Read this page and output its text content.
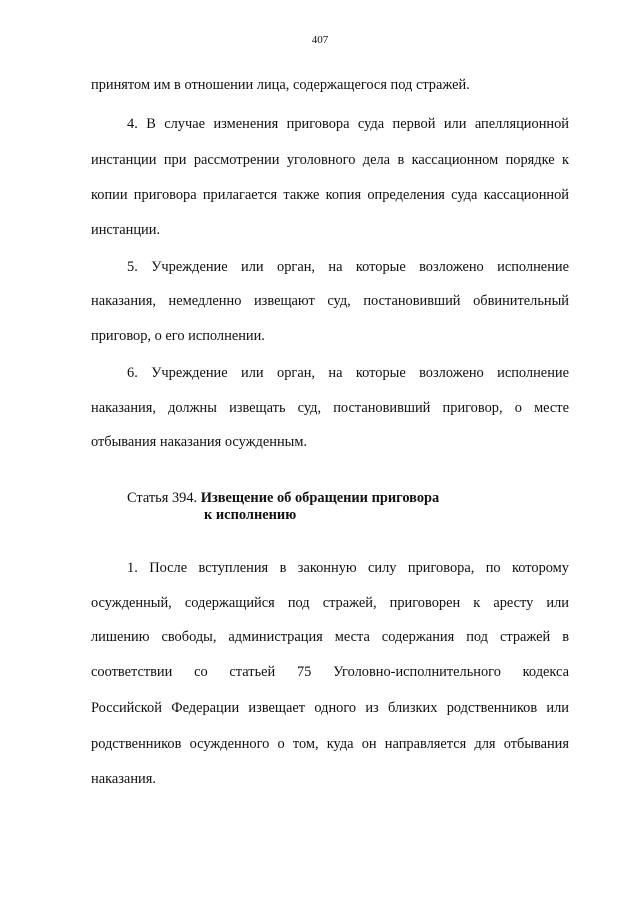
407
принятом им в отношении лица, содержащегося под стражей.
4. В случае изменения приговора суда первой или апелляционной
инстанции при рассмотрении уголовного дела в кассационном порядке к
копии приговора прилагается также копия определения суда кассационной
инстанции.
5. Учреждение или орган, на которые возложено исполнение
наказания, немедленно извещают суд, постановивший обвинительный
приговор, о его исполнении.
6. Учреждение или орган, на которые возложено исполнение
наказания, должны извещать суд, постановивший приговор, о месте
отбывания наказания осужденным.
Статья 394. Извещение об обращении приговора
к исполнению
1. После вступления в законную силу приговора, по которому
осужденный, содержащийся под стражей, приговорен к аресту или
лишению свободы, администрация места содержания под стражей в
соответствии со статьей 75 Уголовно-исполнительного кодекса
Российской Федерации извещает одного из близких родственников или
родственников осужденного о том, куда он направляется для отбывания
наказания.
